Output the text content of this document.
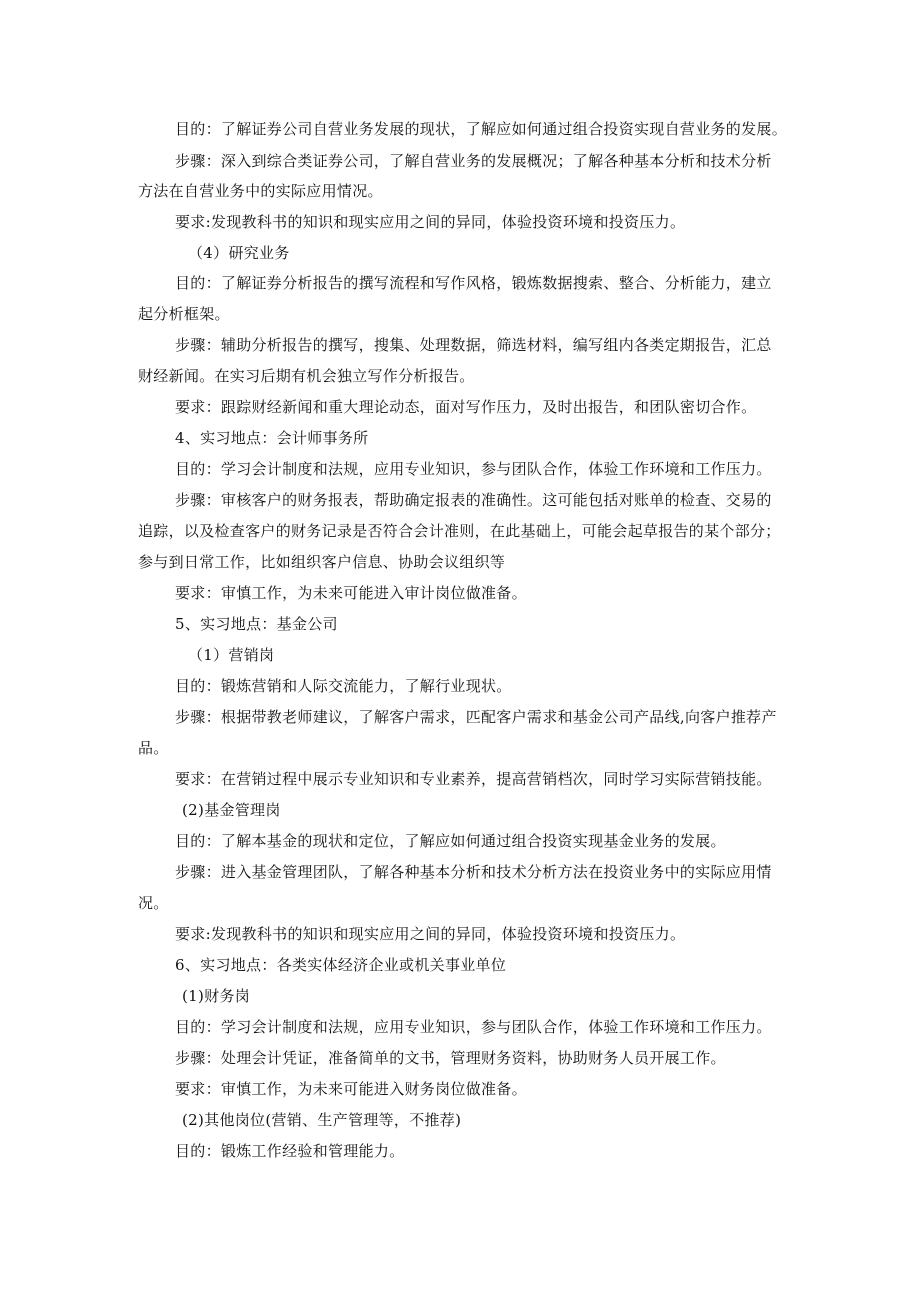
目的：了解证券公司自营业务发展的现状，了解应如何通过组合投资实现自营业务的发展。
步骤：深入到综合类证券公司，了解自营业务的发展概况；了解各种基本分析和技术分析
方法在自营业务中的实际应用情况。
要求:发现教科书的知识和现实应用之间的异同，体验投资环境和投资压力。
（4）研究业务
目的：了解证券分析报告的撰写流程和写作风格，锻炼数据搜索、整合、分析能力，建立
起分析框架。
步骤：辅助分析报告的撰写，搜集、处理数据，筛选材料，编写组内各类定期报告，汇总
财经新闻。在实习后期有机会独立写作分析报告。
要求：跟踪财经新闻和重大理论动态，面对写作压力，及时出报告，和团队密切合作。
4、实习地点：会计师事务所
目的：学习会计制度和法规，应用专业知识，参与团队合作，体验工作环境和工作压力。
步骤：审核客户的财务报表，帮助确定报表的准确性。这可能包括对账单的检查、交易的
追踪，以及检查客户的财务记录是否符合会计准则，在此基础上，可能会起草报告的某个部分；
参与到日常工作，比如组织客户信息、协助会议组织等
要求：审慎工作，为未来可能进入审计岗位做准备。
5、实习地点：基金公司
（1）营销岗
目的：锻炼营销和人际交流能力，了解行业现状。
步骤：根据带教老师建议，了解客户需求，匹配客户需求和基金公司产品线,向客户推荐产
品。
要求：在营销过程中展示专业知识和专业素养，提高营销档次，同时学习实际营销技能。
(2)基金管理岗
目的：了解本基金的现状和定位，了解应如何通过组合投资实现基金业务的发展。
步骤：进入基金管理团队，了解各种基本分析和技术分析方法在投资业务中的实际应用情
况。
要求:发现教科书的知识和现实应用之间的异同，体验投资环境和投资压力。
6、实习地点：各类实体经济企业或机关事业单位
(1)财务岗
目的：学习会计制度和法规，应用专业知识，参与团队合作，体验工作环境和工作压力。
步骤：处理会计凭证，准备简单的文书，管理财务资料，协助财务人员开展工作。
要求：审慎工作，为未来可能进入财务岗位做准备。
(2)其他岗位(营销、生产管理等，不推荐)
目的：锻炼工作经验和管理能力。
